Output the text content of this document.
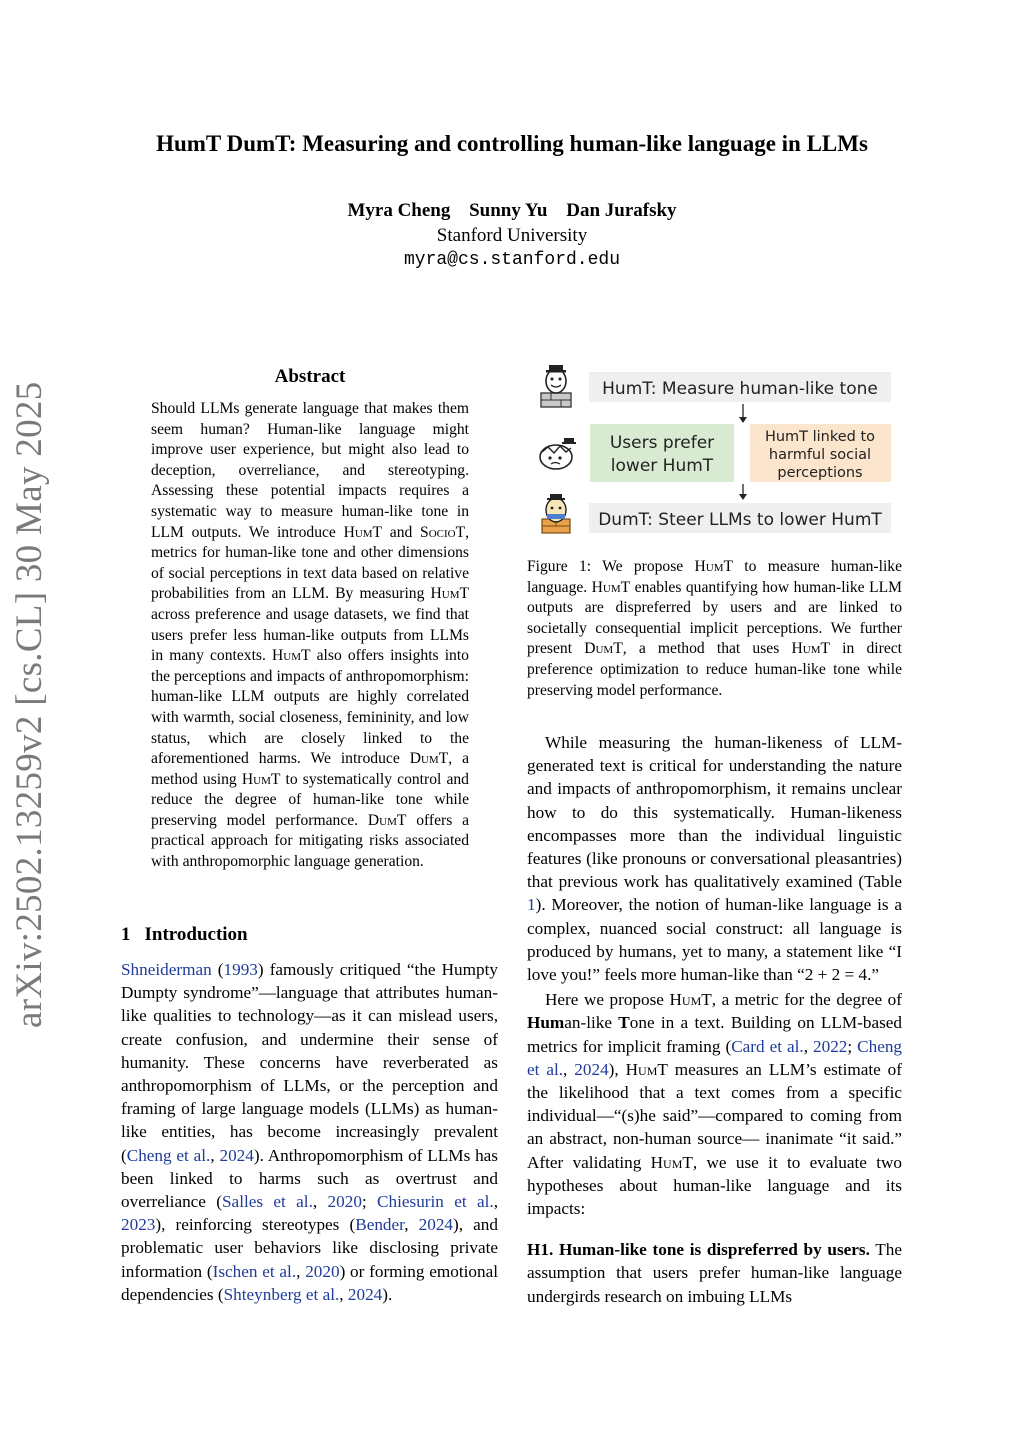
HumT DumT: Measuring and controlling human-like language in LLMs
Myra Cheng Sunny Yu Dan Jurafsky
Stanford University
myra@cs.stanford.edu
arXiv:2502.13259v2 [cs.CL] 30 May 2025
Abstract
Should LLMs generate language that makes them seem human? Human-like language might improve user experience, but might also lead to deception, overreliance, and stereotyping. Assessing these potential impacts requires a systematic way to measure human-like tone in LLM outputs. We introduce HumT and SocioT, metrics for human-like tone and other dimensions of social perceptions in text data based on relative probabilities from an LLM. By measuring HumT across preference and usage datasets, we find that users prefer less human-like outputs from LLMs in many contexts. HumT also offers insights into the perceptions and impacts of anthropomorphism: human-like LLM outputs are highly correlated with warmth, social closeness, femininity, and low status, which are closely linked to the aforementioned harms. We introduce DumT, a method using HumT to systematically control and reduce the degree of human-like tone while preserving model performance. DumT offers a practical approach for mitigating risks associated with anthropomorphic language generation.
1 Introduction

Shneiderman (1993) famously critiqued “the Humpty Dumpty syndrome”—language that attributes human-like qualities to technology—as it can mislead users, create confusion, and undermine their sense of humanity. These concerns have reverberated as anthropomorphism of LLMs, or the perception and framing of large language models (LLMs) as human-like entities, has become increasingly prevalent (Cheng et al., 2024). Anthropomorphism of LLMs has been linked to harms such as overtrust and overreliance (Salles et al., 2020; Chiesurin et al., 2023), reinforcing stereotypes (Bender, 2024), and problematic user behaviors like disclosing private information (Ischen et al., 2020) or forming emotional dependencies (Shteynberg et al., 2024).

HumT: Measure human-like tone
Users prefer
lower HumT
HumT linked to
harmful social
perceptions
DumT: Steer LLMs to lower HumT
Figure 1: We propose HumT to measure human-like language. HumT enables quantifying how human-like LLM outputs are dispreferred by users and are linked to societally consequential implicit perceptions. We further present DumT, a method that uses HumT in direct preference optimization to reduce human-like tone while preserving model performance.

While measuring the human-likeness of LLM-generated text is critical for understanding the nature and impacts of anthropomorphism, it remains unclear how to do this systematically. Human-likeness encompasses more than the individual linguistic features (like pronouns or conversational pleasantries) that previous work has qualitatively examined (Table 1). Moreover, the notion of human-like language is a complex, nuanced social construct: all language is produced by humans, yet to many, a statement like “I love you!” feels more human-like than “2 + 2 = 4.”

Here we propose HumT, a metric for the degree of Human-like Tone in a text. Building on LLM-based metrics for implicit framing (Card et al., 2022; Cheng et al., 2024), HumT measures an LLM’s estimate of the likelihood that a text comes from a specific individual—“(s)he said”—compared to coming from an abstract, non-human source— inanimate “it said.” After validating HumT, we use it to evaluate two hypotheses about human-like language and its impacts:

H1. Human-like tone is dispreferred by users. The assumption that users prefer human-like language undergirds research on imbuing LLMs
